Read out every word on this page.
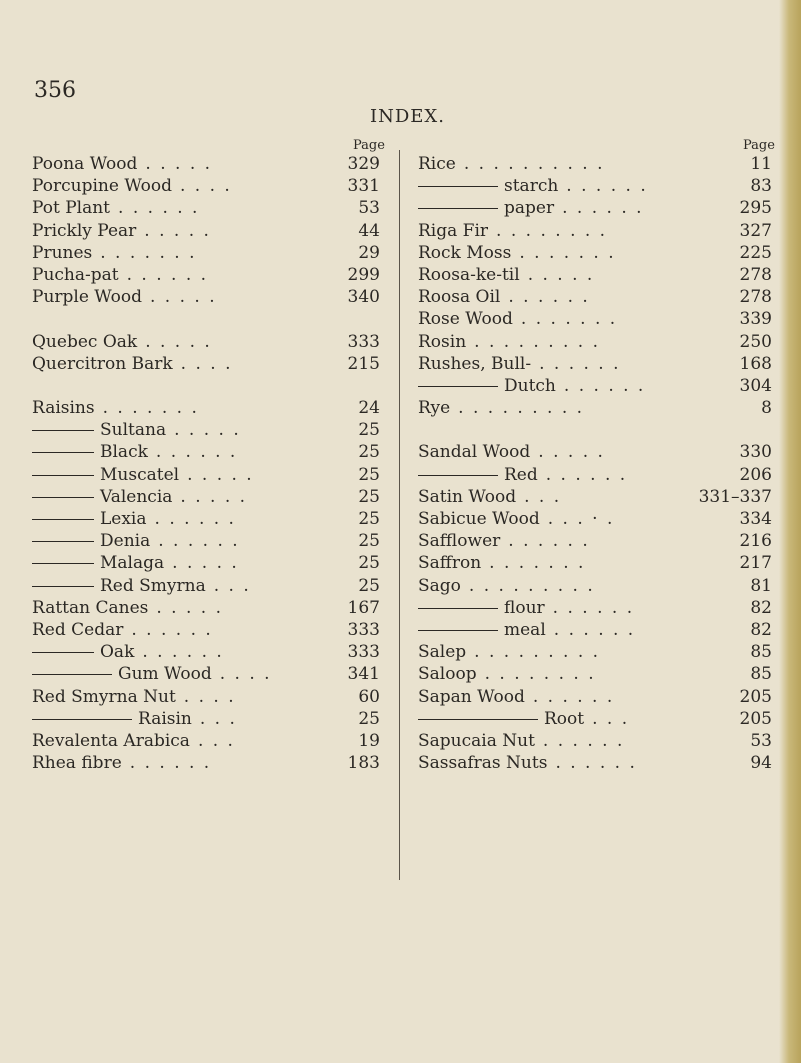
356
INDEX.
Page	Page
Poona Wood . . . . .	329
Porcupine Wood . . . .	331
Pot Plant . . . . . .	53
Prickly Pear . . . . .	44
Prunes . . . . . . .	29
Pucha-pat . . . . . .	299
Purple Wood . . . . .	340
Quebec Oak . . . . .	333
Quercitron Bark . . . .	215
Raisins . . . . . . .	24
Sultana . . . . .	25
Black . . . . . .	25
Muscatel . . . . .	25
Valencia . . . . .	25
Lexia . . . . . .	25
Denia . . . . . .	25
Malaga . . . . .	25
Red Smyrna . . .	25
Rattan Canes . . . . .	167
Red Cedar . . . . . .	333
Oak . . . . . .	333
Gum Wood . . . .	341
Red Smyrna Nut . . . .	60
Raisin . . .	25
Revalenta Arabica . . .	19
Rhea fibre . . . . . .	183
Rice . . . . . . . . . .	11
starch . . . . . .	83
paper . . . . . .	295
Riga Fir . . . . . . . .	327
Rock Moss . . . . . . .	225
Roosa-ke-til . . . . .	278
Roosa Oil . . . . . .	278
Rose Wood . . . . . . .	339
Rosin . . . . . . . . .	250
Rushes, Bull- . . . . . .	168
Dutch . . . . . .	304
Rye . . . . . . . . .	8
Sandal Wood . . . . .	330
Red . . . . . .	206
Satin Wood . . .	331–337
Sabicue Wood . . . · .	334
Safflower . . . . . .	216
Saffron . . . . . . .	217
Sago . . . . . . . . .	81
flour . . . . . .	82
meal . . . . . .	82
Salep . . . . . . . . .	85
Saloop . . . . . . . .	85
Sapan Wood . . . . . .	205
Root . . .	205
Sapucaia Nut . . . . . .	53
Sassafras Nuts . . . . . .	94
